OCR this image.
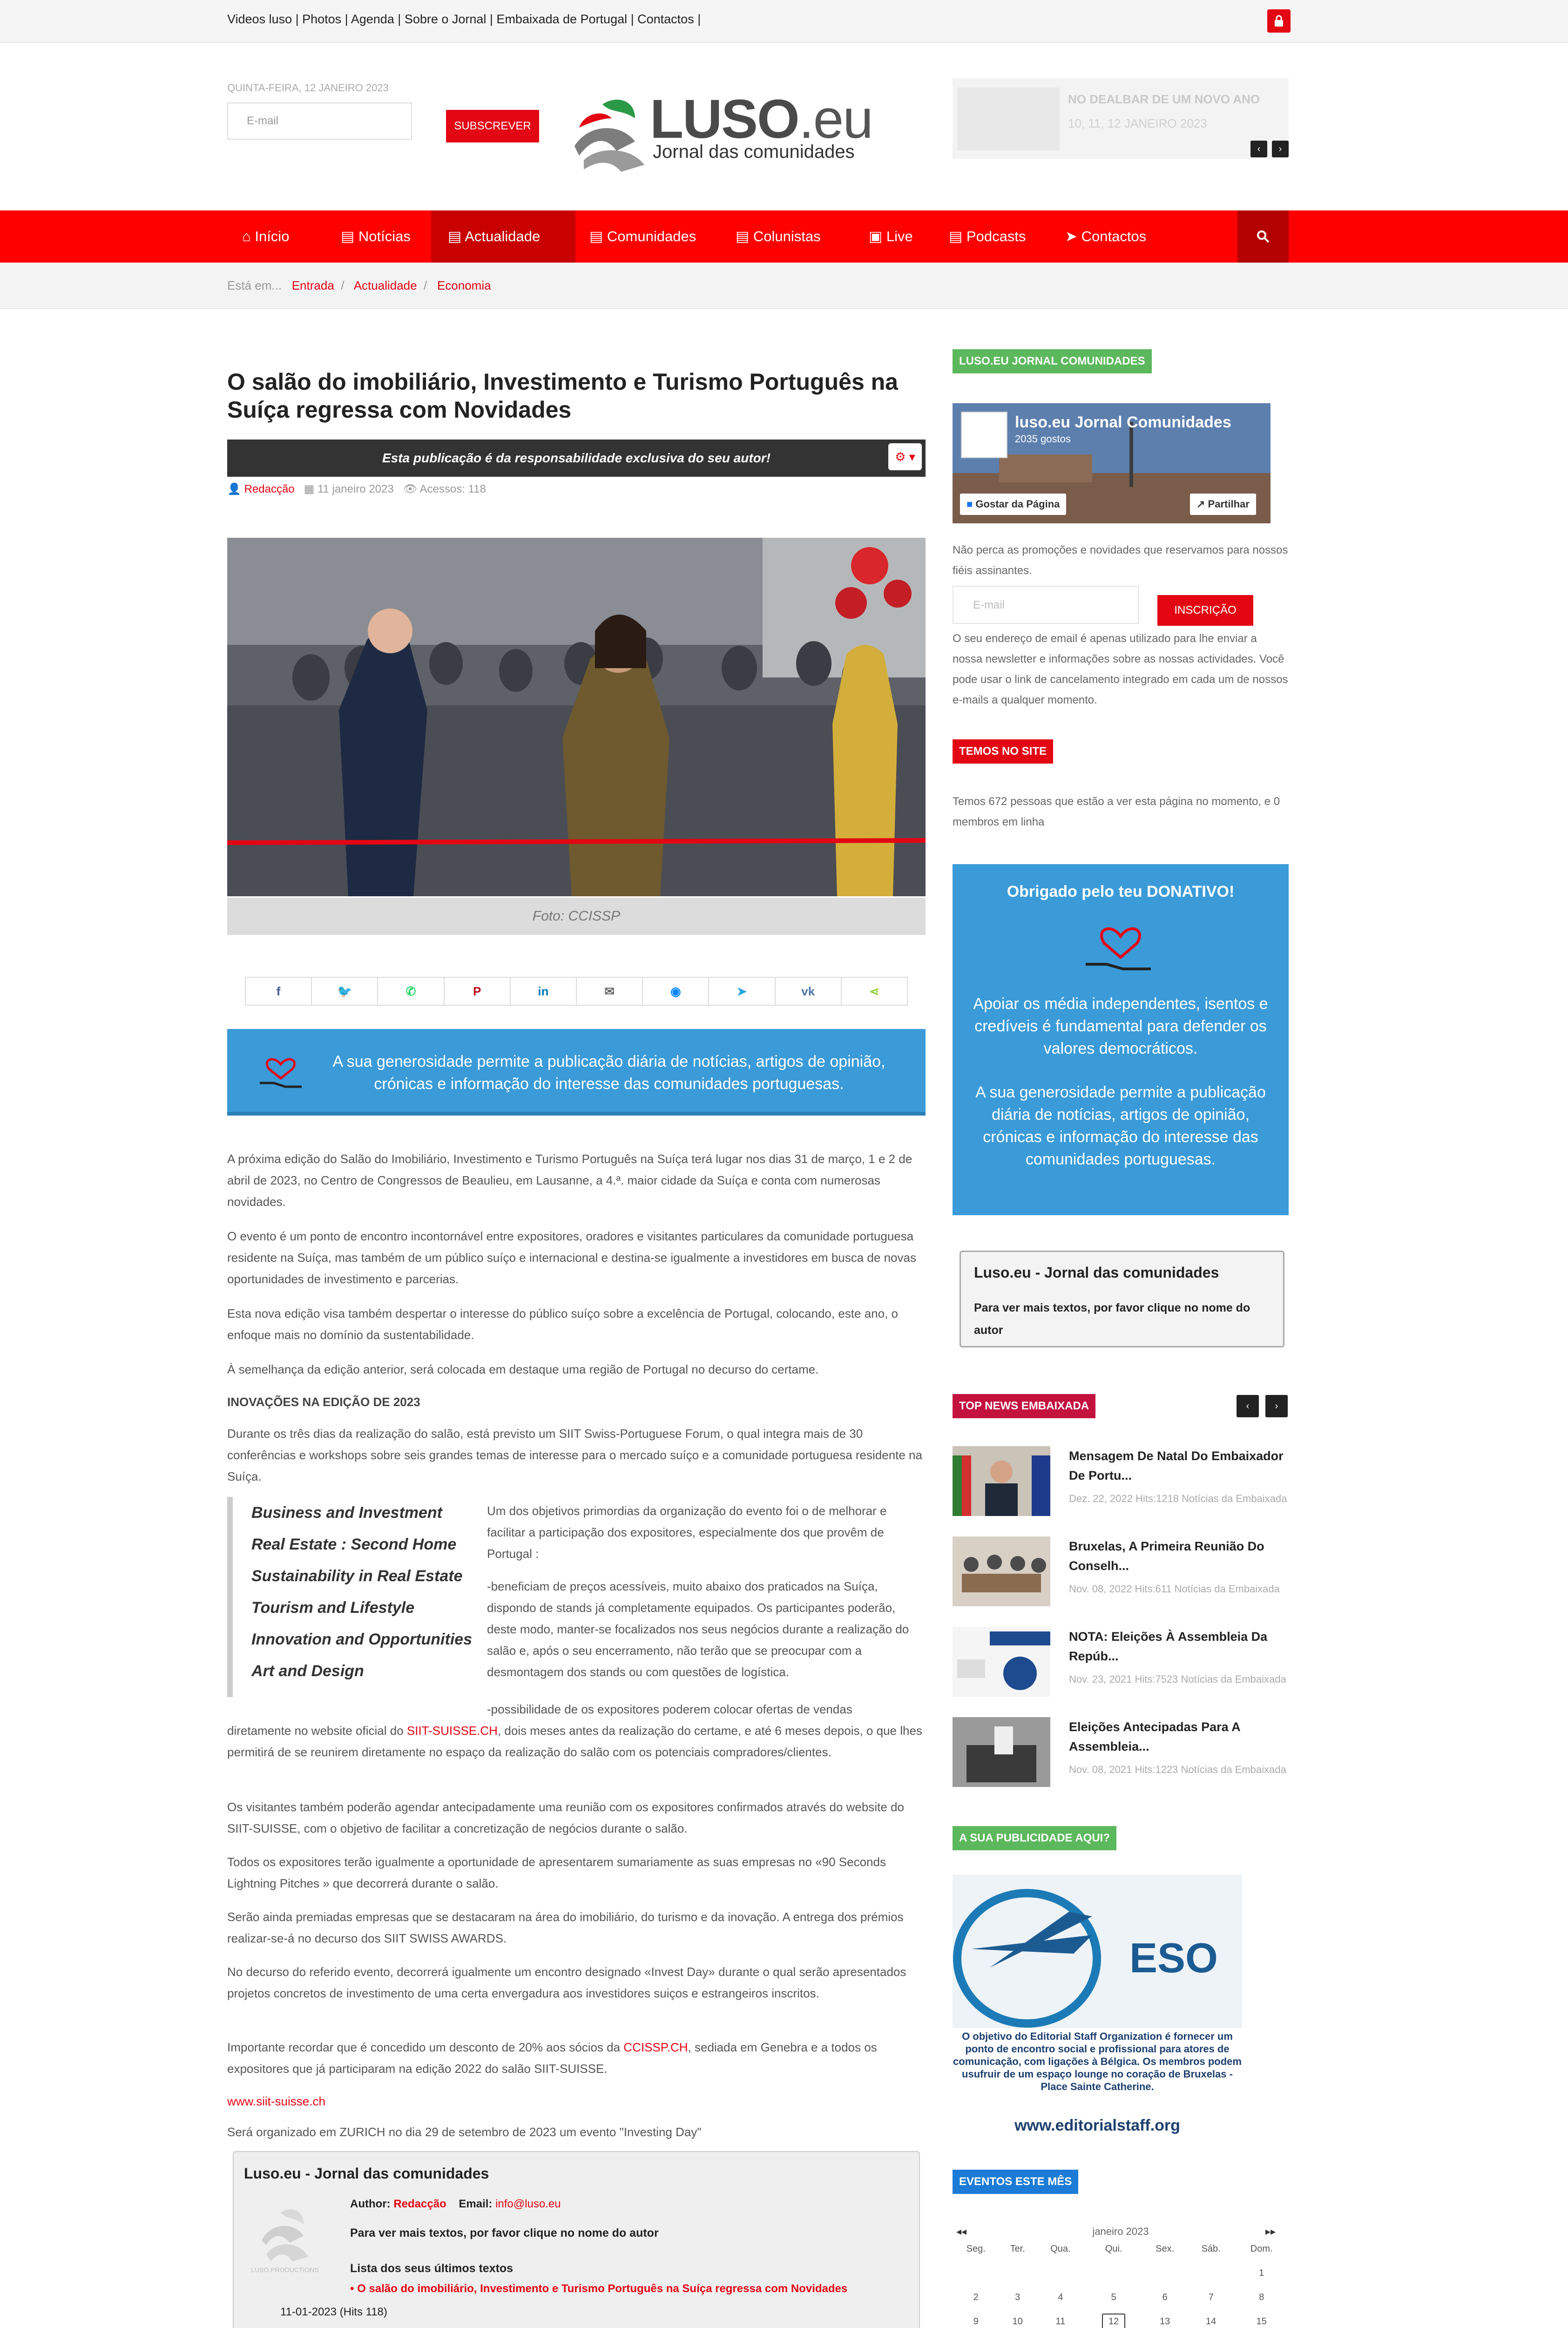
Videos luso | Photos | Agenda | Sobre o Jornal | Embaixada de Portugal | Contactos |
QUINTA-FEIRA, 12 JANEIRO 2023
E-mail	SUBSCREVER LUSO.eu
Jornal das comunidades
NO DEALBAR DE UM NOVO ANO
10, 11, 12 JANEIRO 2023
‹	›
⌂ Início	▤ Notícias	▤ Actualidade	▤ Comunidades	▤ Colunistas	▣ Live	▤ Podcasts	➤ Contactos
Está em... Entrada  /   Actualidade  /   Economia
O salão do imobiliário, Investimento e Turismo Português na Suíça regressa com Novidades
Esta publicação é da responsabilidade exclusiva do seu autor!	⚙ ▾
👤 Redacção ▦ 11 janeiro 2023 👁 Acessos: 118
Foto: CCISSP
f	🐦	✆	P	in	✉	◉	➤	vk	⋖
A sua generosidade permite a publicação diária de notícias, artigos de opinião, crónicas e informação do interesse das comunidades portuguesas.
A próxima edição do Salão do Imobiliário, Investimento e Turismo Português na Suíça terá lugar nos dias 31 de março, 1 e 2 de abril de 2023, no Centro de Congressos de Beaulieu, em Lausanne, a 4.ª. maior cidade da Suíça e conta com numerosas novidades.
O evento é um ponto de encontro incontornável entre expositores, oradores e visitantes particulares da comunidade portuguesa residente na Suíça, mas também de um público suíço e internacional e destina-se igualmente a investidores em busca de novas oportunidades de investimento e parcerias.
Esta nova edição visa também despertar o interesse do público suíço sobre a excelência de Portugal, colocando, este ano, o enfoque mais no domínio da sustentabilidade.
À semelhança da edição anterior, será colocada em destaque uma região de Portugal no decurso do certame.
INOVAÇÕES NA EDIÇÃO DE 2023
Durante os três dias da realização do salão, está previsto um SIIT Swiss-Portuguese Forum, o qual integra mais de 30 conferências e workshops sobre seis grandes temas de interesse para o mercado suíço e a comunidade portuguesa residente na Suíça.
Business and Investment
Real Estate : Second Home
Sustainability in Real Estate
Tourism and Lifestyle
Innovation and Opportunities
Art and Design
Um dos objetivos primordias da organização do evento foi o de melhorar e facilitar a participação dos expositores, especialmente dos que provêm de Portugal :
-beneficiam de preços acessíveis, muito abaixo dos praticados na Suíça, dispondo de stands já completamente equipados. Os participantes poderão, deste modo, manter-se focalizados nos seus negócios durante a realização do salão e, após o seu encerramento, não terão que se preocupar com a desmontagem dos stands ou com questões de logística.
-possibilidade de os expositores poderem colocar ofertas de vendas
diretamente no website oficial do SIIT-SUISSE.CH, dois meses antes da realização do certame, e até 6 meses depois, o que lhes permitirá de se reunirem diretamente no espaço da realização do salão com os potenciais compradores/clientes.
Os visitantes também poderão agendar antecipadamente uma reunião com os expositores confirmados através do website do SIIT-SUISSE, com o objetivo de facilitar a concretização de negócios durante o salão.
Todos os expositores terão igualmente a oportunidade de apresentarem sumariamente as suas empresas no «90 Seconds Lightning Pitches » que decorrerá durante o salão.
Serão ainda premiadas empresas que se destacaram na área do imobiliário, do turismo e da inovação. A entrega dos prémios realizar-se-á no decurso dos SIIT SWISS AWARDS.
No decurso do referido evento, decorrerá igualmente um encontro designado «Invest Day» durante o qual serão apresentados projetos concretos de investimento de uma certa envergadura aos investidores suiços e estrangeiros inscritos.
Importante recordar que é concedido um desconto de 20% aos sócios da CCISSP.CH, sediada em Genebra e a todos os expositores que já participaram na edição 2022 do salão SIIT-SUISSE.
www.siit-suisse.ch
Será organizado em ZURICH no dia 29 de setembro de 2023 um evento "Investing Day"
Luso.eu - Jornal das comunidades
LUSO.PRODUCTIONS
Author: Redacção Email: info@luso.eu
Para ver mais textos, por favor clique no nome do autor
Lista dos seus últimos textos
• O salão do imobiliário, Investimento e Turismo Português na Suíça regressa com Novidades
11-01-2023 (Hits 118)
LUSO.EU JORNAL COMUNIDADES
luso.eu Jornal Comunidades
2035 gostos
■ Gostar da Página	↗ Partilhar
Não perca as promoções e novidades que reservamos para nossos fiéis assinantes.
E-mail	INSCRIÇÃO
O seu endereço de email é apenas utilizado para lhe enviar a nossa newsletter e informações sobre as nossas actividades. Você pode usar o link de cancelamento integrado em cada um de nossos e-mails a qualquer momento.
TEMOS NO SITE
Temos 672 pessoas que estão a ver esta página no momento, e 0 membros em linha
Obrigado pelo teu DONATIVO!
Apoiar os média independentes, isentos e credíveis é fundamental para defender os valores democráticos.
A sua generosidade permite a publicação diária de notícias, artigos de opinião, crónicas e informação do interesse das comunidades portuguesas.
Luso.eu - Jornal das comunidades
Para ver mais textos, por favor clique no nome do autor
TOP NEWS EMBAIXADA	‹	›
Mensagem De Natal Do Embaixador De Portu...
Dez. 22, 2022 Hits:1218 Notícias da Embaixada
Bruxelas, A Primeira Reunião Do Conselh...
Nov. 08, 2022 Hits:611 Notícias da Embaixada
NOTA: Eleições À Assembleia Da Repúb...
Nov. 23, 2021 Hits:7523 Notícias da Embaixada
Eleições Antecipadas Para A Assembleia...
Nov. 08, 2021 Hits:1223 Notícias da Embaixada
A SUA PUBLICIDADE AQUI?
ESO
O objetivo do Editorial Staff Organization é fornecer um ponto de encontro social e profissional para atores de comunicação, com ligações à Bélgica. Os membros podem usufruir de um espaço lounge no coração de Bruxelas - Place Sainte Catherine.
www.editorialstaff.org
EVENTOS ESTE MÊS
◂◂	janeiro 2023	▸▸
Seg.	Ter.	Qua.	Qui.	Sex.	Sáb.	Dom.
						1
2	3	4	5	6	7	8
9	10	11	12	13	14	15
